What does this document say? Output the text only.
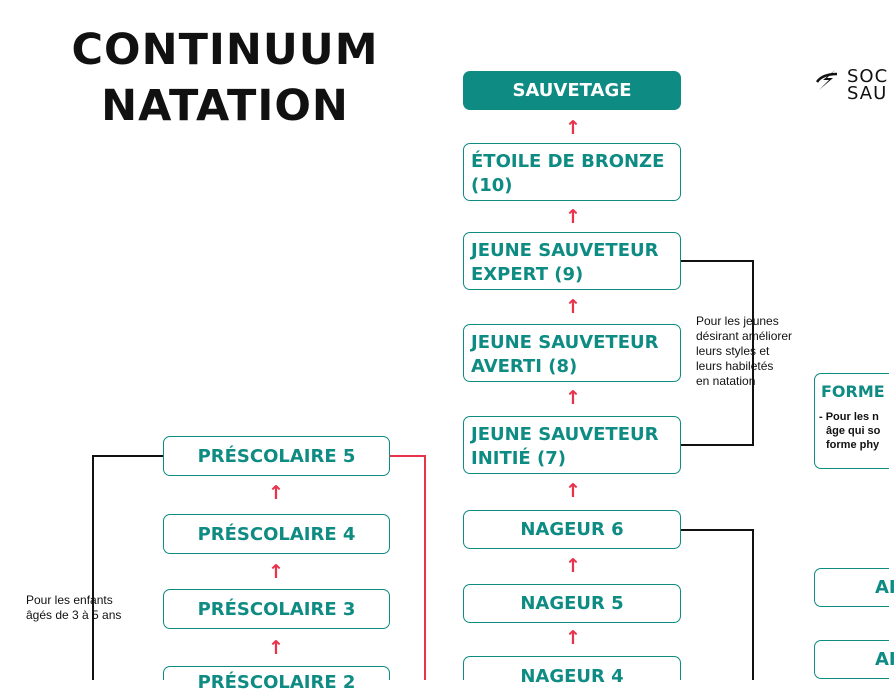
CONTINUUM
NATATION
SOC
SAU
SAUVETAGE
↑
ÉTOILE DE BRONZE
(10)
↑
JEUNE SAUVETEUR
EXPERT (9)
↑
JEUNE SAUVETEUR
AVERTI (8)
↑
JEUNE SAUVETEUR
INITIÉ (7)
↑
NAGEUR 6
↑
NAGEUR 5
↑
NAGEUR 4
PRÉSCOLAIRE 5
↑
PRÉSCOLAIRE 4
↑
PRÉSCOLAIRE 3
↑
PRÉSCOLAIRE 2
Pour les jeunes
désirant améliorer
leurs styles et
leurs habiletés
en natation
Pour les enfants
âgés de 3 à 5 ans
FORME
- Pour les n
âge qui so
forme phy
AI
AI
